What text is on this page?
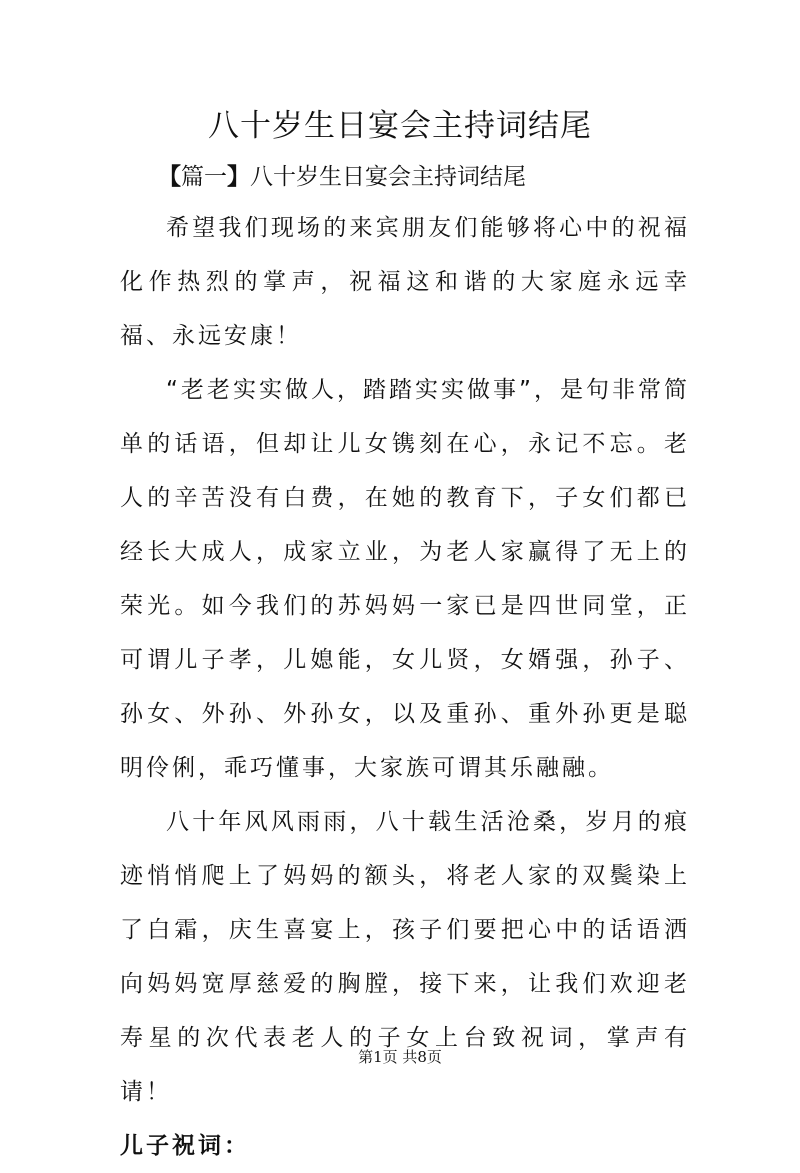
八十岁生日宴会主持词结尾
【篇一】八十岁生日宴会主持词结尾

希望我们现场的来宾朋友们能够将心中的祝福化作热烈的掌声，祝福这和谐的大家庭永远幸福、永远安康！

“老老实实做人，踏踏实实做事”，是句非常简单的话语，但却让儿女镌刻在心，永记不忘。老人的辛苦没有白费，在她的教育下，子女们都已经长大成人，成家立业，为老人家赢得了无上的荣光。如今我们的苏妈妈一家已是四世同堂，正可谓儿子孝，儿媳能，女儿贤，女婿强，孙子、孙女、外孙、外孙女，以及重孙、重外孙更是聪明伶俐，乖巧懂事，大家族可谓其乐融融。

八十年风风雨雨，八十载生活沧桑，岁月的痕迹悄悄爬上了妈妈的额头，将老人家的双鬓染上了白霜，庆生喜宴上，孩子们要把心中的话语洒向妈妈宽厚慈爱的胸膛，接下来，让我们欢迎老寿星的次代表老人的子女上台致祝词，掌声有请！

儿子祝词：

第1页 共8页
